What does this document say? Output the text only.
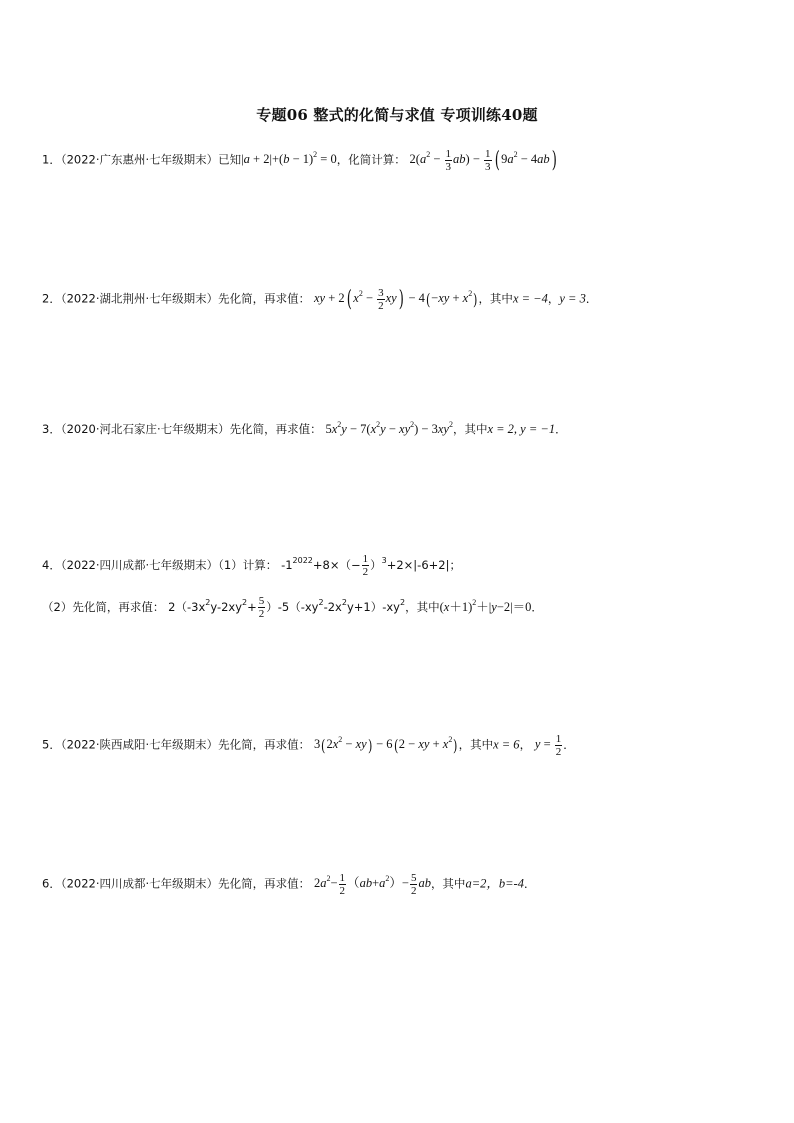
专题06 整式的化简与求值 专项训练40题
1．（2022·广东惠州·七年级期末）已知$|a + 2|+(b - 1)^2 = 0$，化简计算： $2(a^2 - \frac{1}{3} ab) - \frac{1}{3}$ ( $9a^2 - 4ab$)
2．（2022·湖北荆州·七年级期末）先化简，再求值： xy + 2( $x^2 - \frac{3}{2} xy) - 4(-xy + x^2)$，其中x = −4，y = 3．
3．（2020·河北石家庄·七年级期末）先化简，再求值： $5x^2y - 7(x^2y - xy^2) - 3xy^2$，其中x = 2, y = −1．
4．（2022·四川成都·七年级期末）（1）计算： $-1^{2022}+8\times(- \frac{1}{2} )^3+2\times|-6+2|$；
（2）先化简，再求值： $2(-3x^2y-2xy^2+ \frac{5}{2} )-5(-xy^2-2x^2y+1)-xy^2$，其中$(x+1)^2+|y-2|=0$．
5．（2022·陕西咸阳·七年级期末）先化简，再求值： $3(2x^2 - xy) - 6(2$ − xy + $x^2$)，其中x = 6， $y = \frac{1}{2}$ ．
6．（2022·四川成都·七年级期末）先化简，再求值： $2a^2- \frac{1}{2} (ab+a^2)- \frac{5}{2}$ ab，其中a=2，b=-4．
